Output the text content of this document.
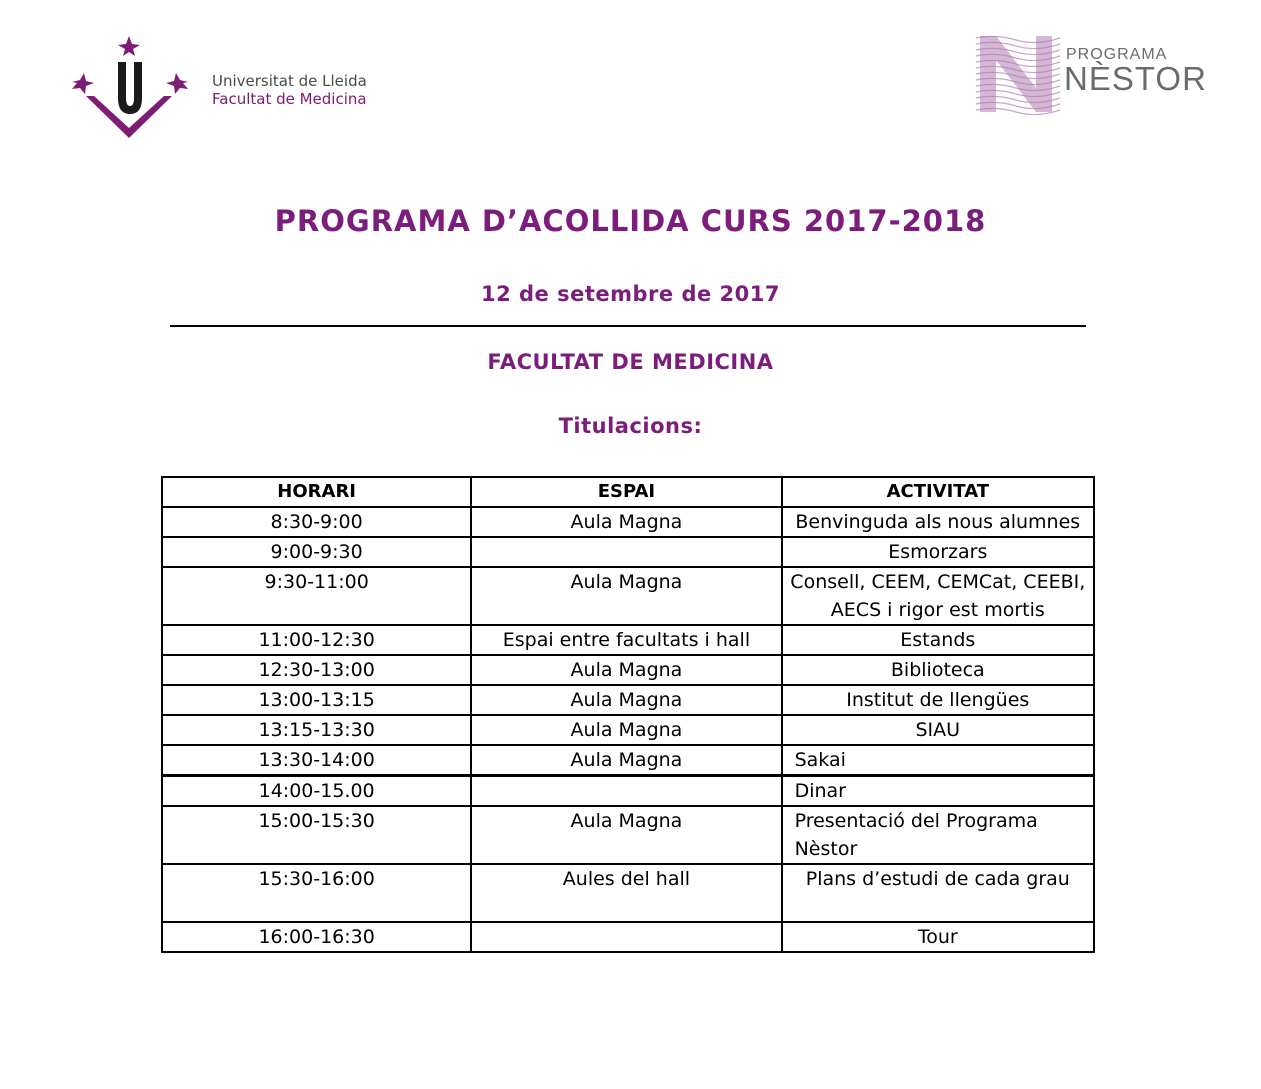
Universitat de Lleida
Facultat de Medicina
PROGRAMA
NÈSTOR
PROGRAMA D’ACOLLIDA CURS 2017-2018
12 de setembre de 2017
FACULTAT DE MEDICINA
Titulacions:
HORARI	ESPAI	ACTIVITAT
8:30-9:00	Aula Magna	Benvinguda als nous alumnes
9:00-9:30		Esmorzars
9:30-11:00	Aula Magna	Consell, CEEM, CEMCat, CEEBI, AECS i rigor est mortis
11:00-12:30	Espai entre facultats i hall	Estands
12:30-13:00	Aula Magna	Biblioteca
13:00-13:15	Aula Magna	Institut de llengües
13:15-13:30	Aula Magna	SIAU
13:30-14:00	Aula Magna	Sakai
14:00-15.00		Dinar
15:00-15:30	Aula Magna	Presentació del Programa Nèstor
15:30-16:00	Aules del hall	Plans d’estudi de cada grau
16:00-16:30		Tour
